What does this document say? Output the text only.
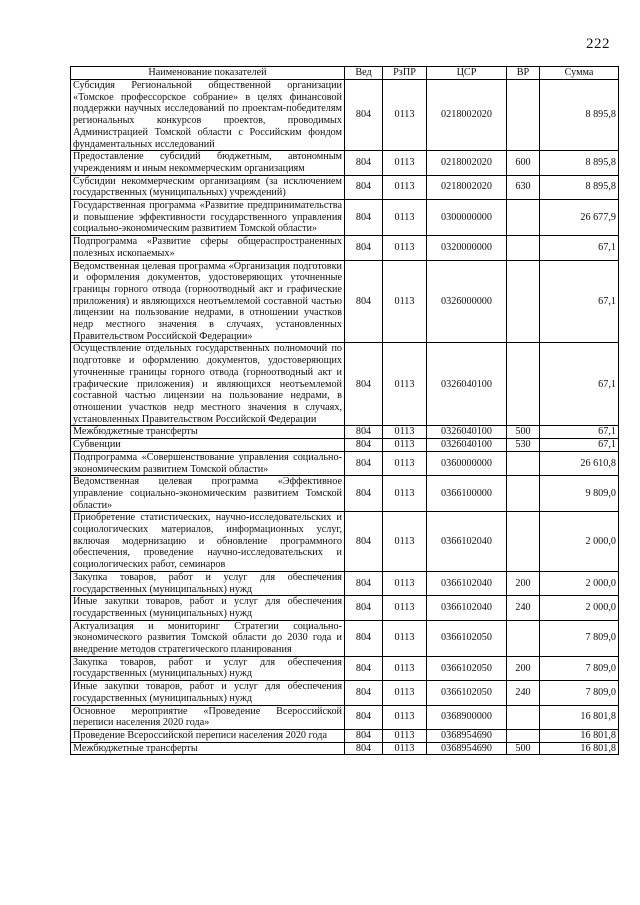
222
Наименование показателей	Вед	РзПР	ЦСР	ВР	Сумма
Субсидия Региональной общественной организации «Томское профессорское собрание» в целях финансовой поддержки научных исследований по проектам-победителям региональных конкурсов проектов, проводимых Администрацией Томской области с Российским фондом фундаментальных исследований	804	0113	0218002020		8 895,8
Предоставление субсидий бюджетным, автономным учреждениям и иным некоммерческим организациям	804	0113	0218002020	600	8 895,8
Субсидии некоммерческим организациям (за исключением государственных (муниципальных) учреждений)	804	0113	0218002020	630	8 895,8
Государственная программа «Развитие предпринимательства и повышение эффективности государственного управления социально-экономическим развитием Томской области»	804	0113	0300000000		26 677,9
Подпрограмма «Развитие сферы общераспространенных полезных ископаемых»	804	0113	0320000000		67,1
Ведомственная целевая программа «Организация подготовки и оформления документов, удостоверяющих уточненные границы горного отвода (горноотводный акт и графические приложения) и являющихся неотъемлемой составной частью лицензии на пользование недрами, в отношении участков недр местного значения в случаях, установленных Правительством Российской Федерации»	804	0113	0326000000		67,1
Осуществление отдельных государственных полномочий по подготовке и оформлению документов, удостоверяющих уточненные границы горного отвода (горноотводный акт и графические приложения) и являющихся неотъемлемой составной частью лицензии на пользование недрами, в отношении участков недр местного значения в случаях, установленных Правительством Российской Федерации	804	0113	0326040100		67,1
Межбюджетные трансферты	804	0113	0326040100	500	67,1
Субвенции	804	0113	0326040100	530	67,1
Подпрограмма «Совершенствование управления социально-экономическим развитием Томской области»	804	0113	0360000000		26 610,8
Ведомственная целевая программа «Эффективное управление социально-экономическим развитием Томской области»	804	0113	0366100000		9 809,0
Приобретение статистических, научно-исследовательских и социологических материалов, информационных услуг, включая модернизацию и обновление программного обеспечения, проведение научно-исследовательских и социологических работ, семинаров	804	0113	0366102040		2 000,0
Закупка товаров, работ и услуг для обеспечения государственных (муниципальных) нужд	804	0113	0366102040	200	2 000,0
Иные закупки товаров, работ и услуг для обеспечения государственных (муниципальных) нужд	804	0113	0366102040	240	2 000,0
Актуализация и мониторинг Стратегии социально-экономического развития Томской области до 2030 года и внедрение методов стратегического планирования	804	0113	0366102050		7 809,0
Закупка товаров, работ и услуг для обеспечения государственных (муниципальных) нужд	804	0113	0366102050	200	7 809,0
Иные закупки товаров, работ и услуг для обеспечения государственных (муниципальных) нужд	804	0113	0366102050	240	7 809,0
Основное мероприятие «Проведение Всероссийской переписи населения 2020 года»	804	0113	0368900000		16 801,8
Проведение Всероссийской переписи населения 2020 года	804	0113	0368954690		16 801,8
Межбюджетные трансферты	804	0113	0368954690	500	16 801,8
